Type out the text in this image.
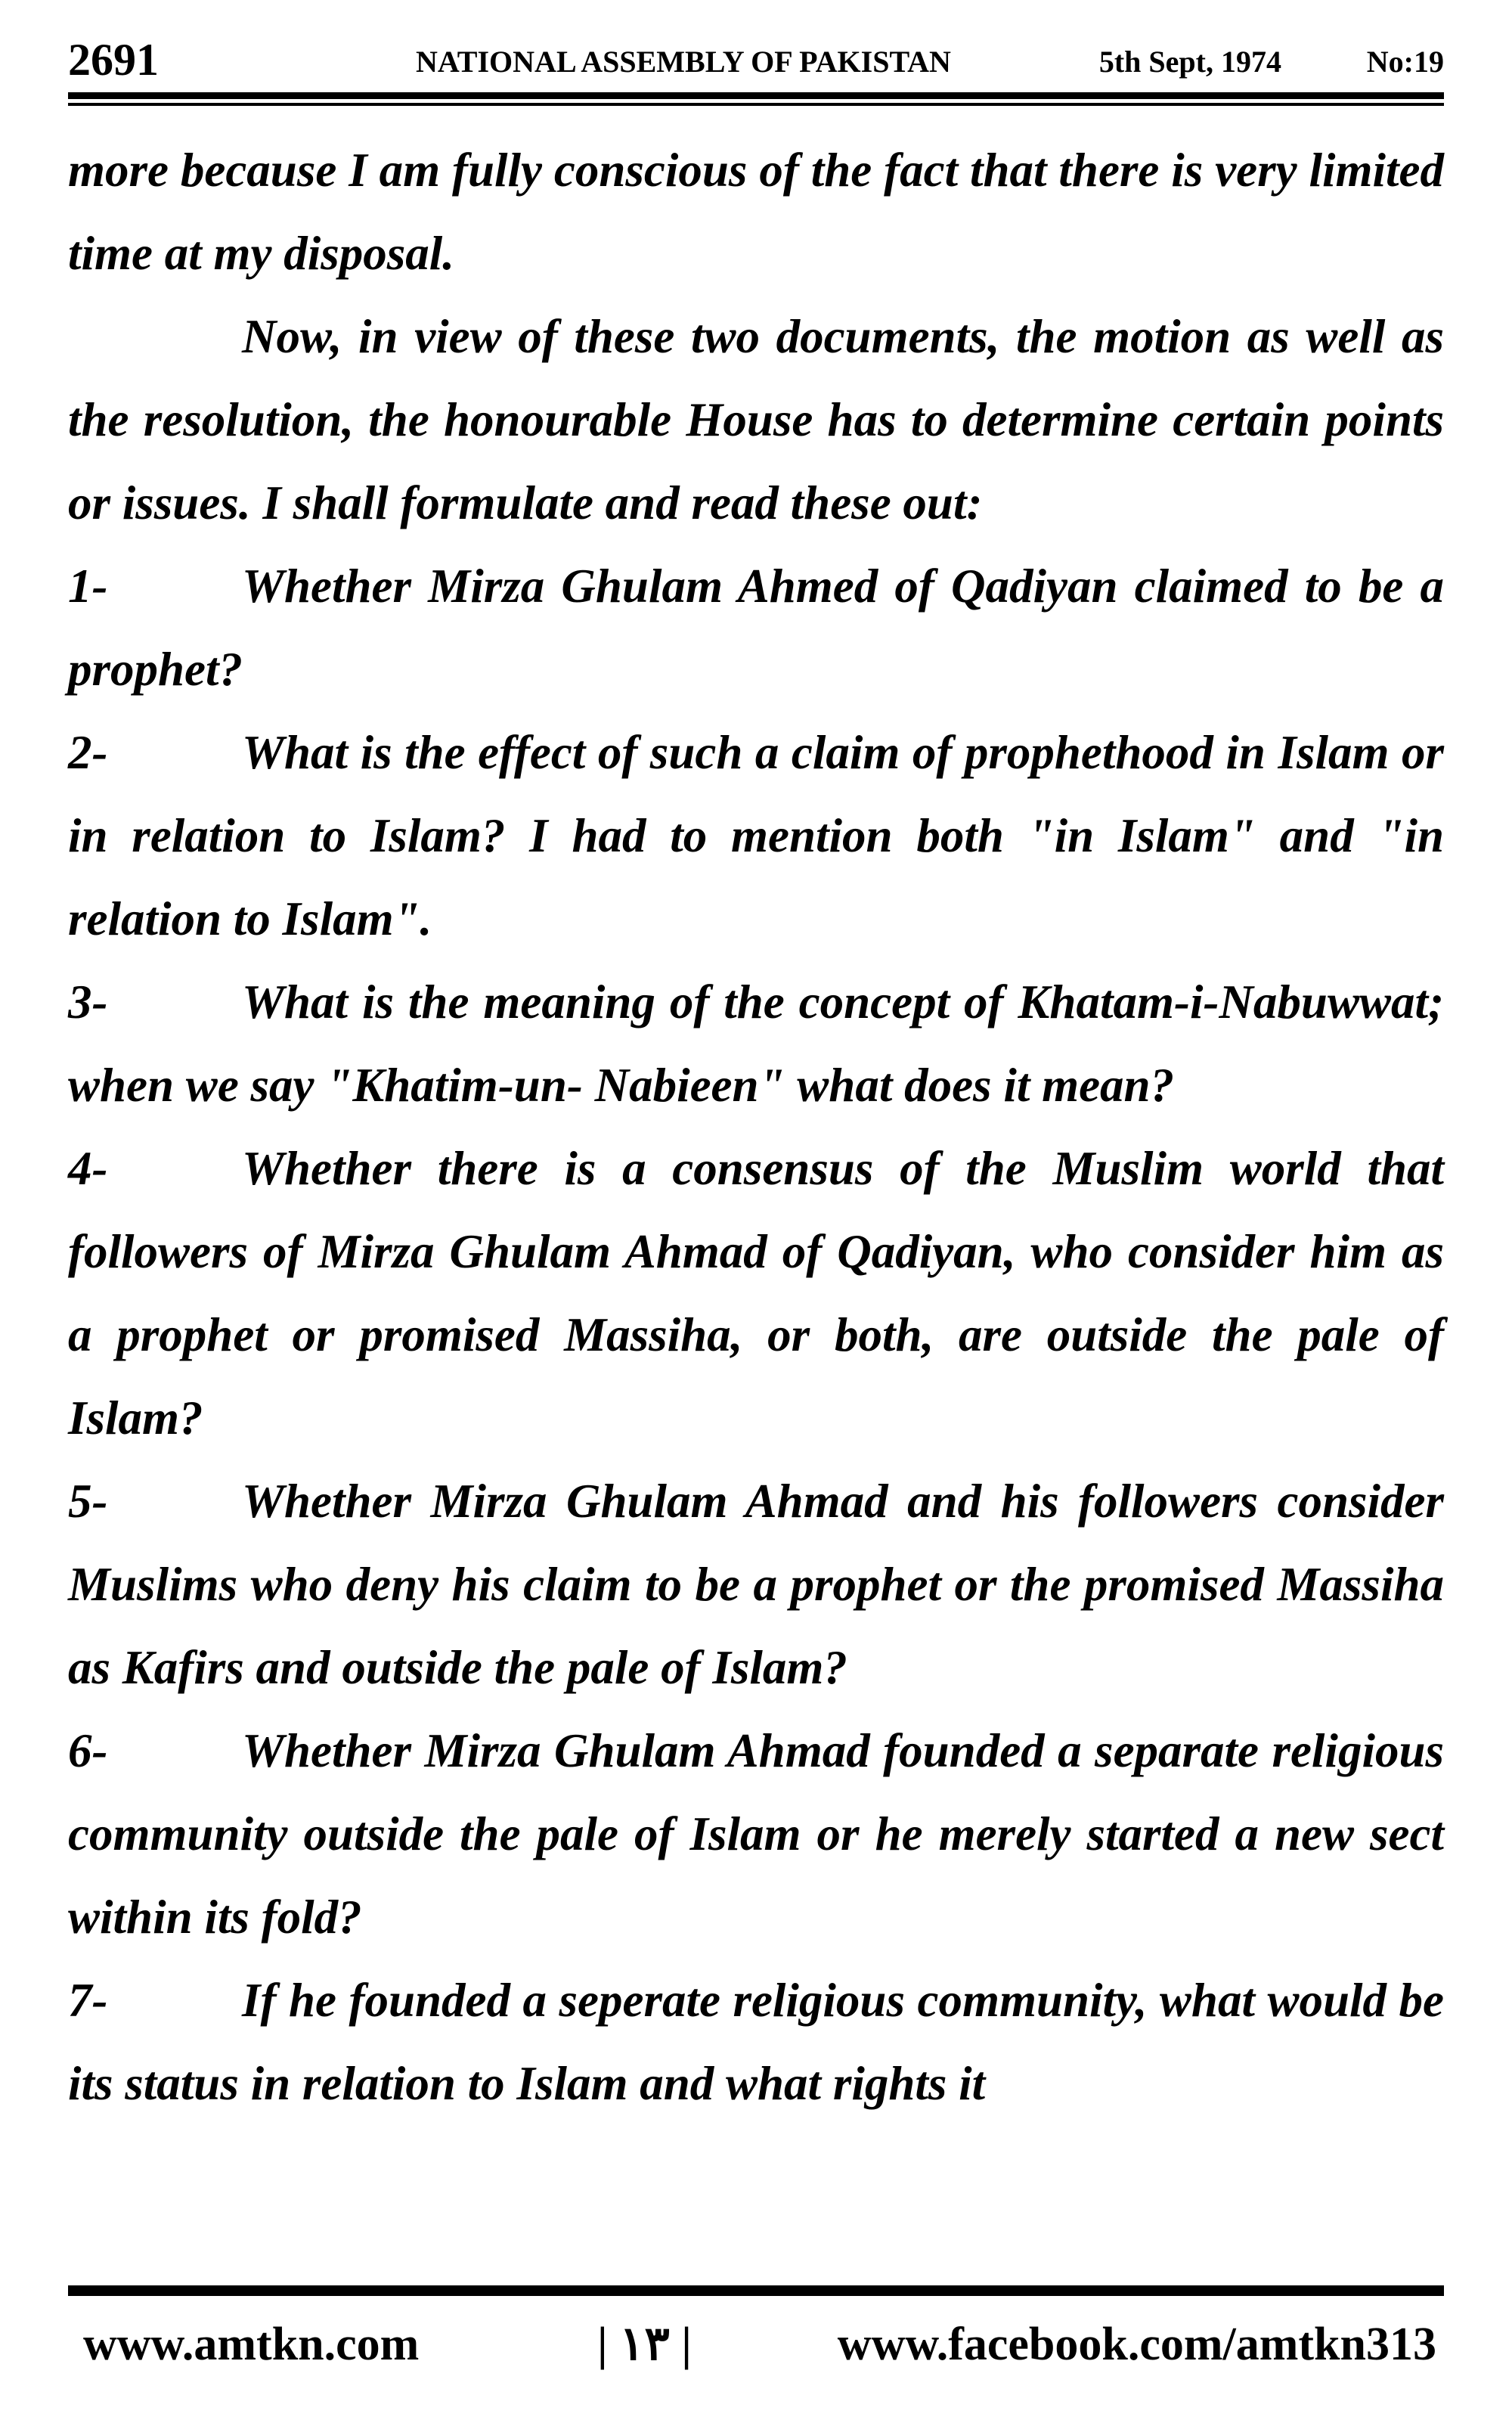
2691	NATIONAL ASSEMBLY OF PAKISTAN	5th Sept, 1974	No:19

more because I am fully conscious of the fact that there is very limited time at my disposal.

Now, in view of these two documents, the motion as well as the resolution, the honourable House has to determine certain points or issues. I shall formulate and read these out:

1-	Whether Mirza Ghulam Ahmed of Qadiyan claimed to be a prophet?

2-	What is the effect of such a claim of prophethood in Islam or in relation to Islam? I had to mention both "in Islam" and "in relation to Islam".

3-	What is the meaning of the concept of Khatam-i-Nabuwwat; when we say "Khatim-un- Nabieen" what does it mean?

4-	Whether there is a consensus of the Muslim world that followers of Mirza Ghulam Ahmad of Qadiyan, who consider him as a prophet or promised Massiha, or both, are outside the pale of Islam?

5-	Whether Mirza Ghulam Ahmad and his followers consider Muslims who deny his claim to be a prophet or the promised Massiha as Kafirs and outside the pale of Islam?

6-	Whether Mirza Ghulam Ahmad founded a separate religious community outside the pale of Islam or he merely started a new sect within its fold?

7-	If he founded a seperate religious community, what would be its status in relation to Islam and what rights it

www.amtkn.com	| ۱۳ |	www.facebook.com/amtkn313
